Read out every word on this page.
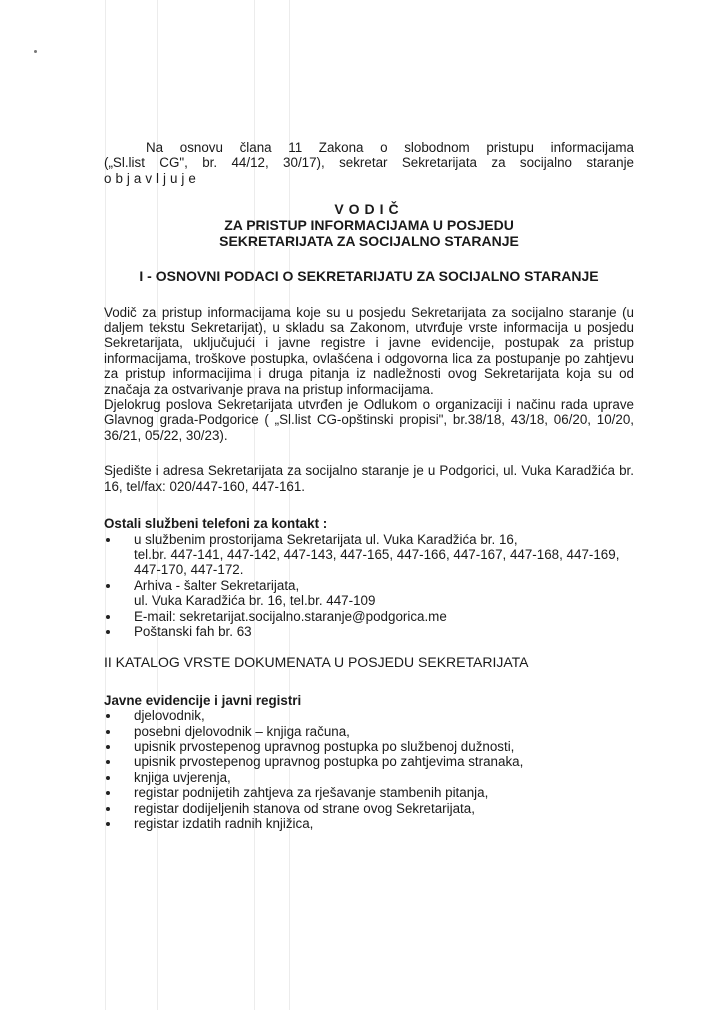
Na osnovu člana 11 Zakona o slobodnom pristupu informacijama
(„Sl.list CG", br. 44/12, 30/17), sekretar Sekretarijata za socijalno staranje
objavljuje
VODIČ
ZA PRISTUP INFORMACIJAMA U POSJEDU
SEKRETARIJATA ZA SOCIJALNO STARANJE
I - OSNOVNI PODACI O SEKRETARIJATU ZA SOCIJALNO STARANJE
Vodič za pristup informacijama koje su u posjedu Sekretarijata za socijalno staranje (u daljem tekstu Sekretarijat), u skladu sa Zakonom, utvrđuje vrste informacija u posjedu Sekretarijata, uključujući i javne registre i javne evidencije, postupak za pristup informacijama, troškove postupka, ovlašćena i odgovorna lica za postupanje po zahtjevu za pristup informacijima i druga pitanja iz nadležnosti ovog Sekretarijata koja su od značaja za ostvarivanje prava na pristup informacijama.
Djelokrug poslova Sekretarijata utvrđen je Odlukom o organizaciji i načinu rada uprave Glavnog grada-Podgorice ( „Sl.list CG-opštinski propisi", br.38/18, 43/18, 06/20, 10/20, 36/21, 05/22, 30/23).
Sjedište i adresa Sekretarijata za socijalno staranje je u Podgorici, ul. Vuka Karadžića br. 16, tel/fax: 020/447-160, 447-161.
Ostali službeni telefoni za kontakt :
u službenim prostorijama Sekretarijata ul. Vuka Karadžića br. 16,
tel.br. 447-141, 447-142, 447-143, 447-165, 447-166, 447-167, 447-168, 447-169, 447-170, 447-172.
Arhiva - šalter Sekretarijata,
ul. Vuka Karadžića br. 16, tel.br. 447-109
E-mail: sekretarijat.socijalno.staranje@podgorica.me
Poštanski fah br. 63
II KATALOG VRSTE DOKUMENATA U POSJEDU SEKRETARIJATA
Javne evidencije i javni registri
djelovodnik,
posebni djelovodnik – knjiga računa,
upisnik prvostepenog upravnog postupka po službenoj dužnosti,
upisnik prvostepenog upravnog postupka po zahtjevima stranaka,
knjiga uvjerenja,
registar podnijetih zahtjeva za rješavanje stambenih pitanja,
registar dodijeljenih stanova od strane ovog Sekretarijata,
registar izdatih radnih knjižica,
